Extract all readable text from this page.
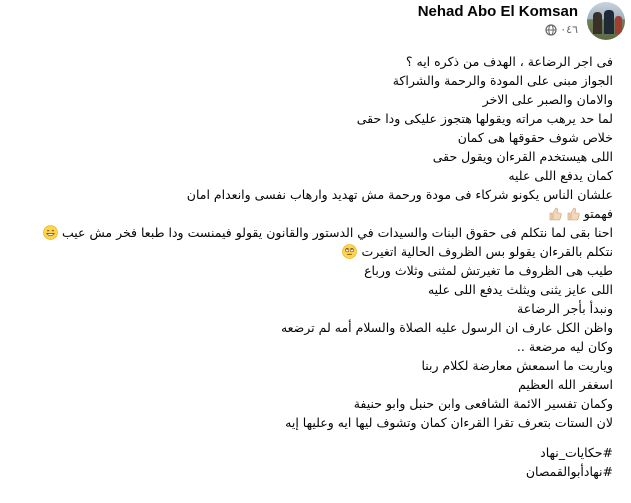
Nehad Abo El Komsan
٠٤٦
فى اجر الرضاعة ، الهدف من ذكره ايه ؟
الجواز مبنى على المودة والرحمة والشراكة
والامان والصبر على الاخر
لما حد يرهب مراته ويقولها هتجوز عليكى ودا حقى
خلاص شوف حقوقها هى كمان
اللى هيستخدم القرءان ويقول حقى
كمان يدفع اللى عليه
علشان الناس يكونو شركاء فى مودة ورحمة مش تهديد وارهاب نفسى وانعدام امان
فهمتو
احنا بقى لما نتكلم فى حقوق البنات والسيدات في الدستور والقانون يقولو فيمنست ودا طبعا فخر مش عيب
نتكلم بالقرءان يقولو بس الظروف الحالية اتغيرت
طيب هى الظروف ما تغيرتش لمثنى وثلاث ورباع
اللى عايز يثنى ويثلث يدفع اللى عليه
ونبدأ بأجر الرضاعة
واظن الكل عارف ان الرسول عليه الصلاة والسلام أمه لم ترضعه
وكان ليه مرضعة ..
وياريت ما اسمعش معارضة لكلام ربنا
اسغفر الله العظيم
وكمان تفسير الائمة الشافعى وابن حنبل وابو حنيفة
لان الستات بتعرف تقرا القرءان كمان وتشوف ليها ايه وعليها إيه
#حكايات_نهاد
#نهادأبوالقمصان
